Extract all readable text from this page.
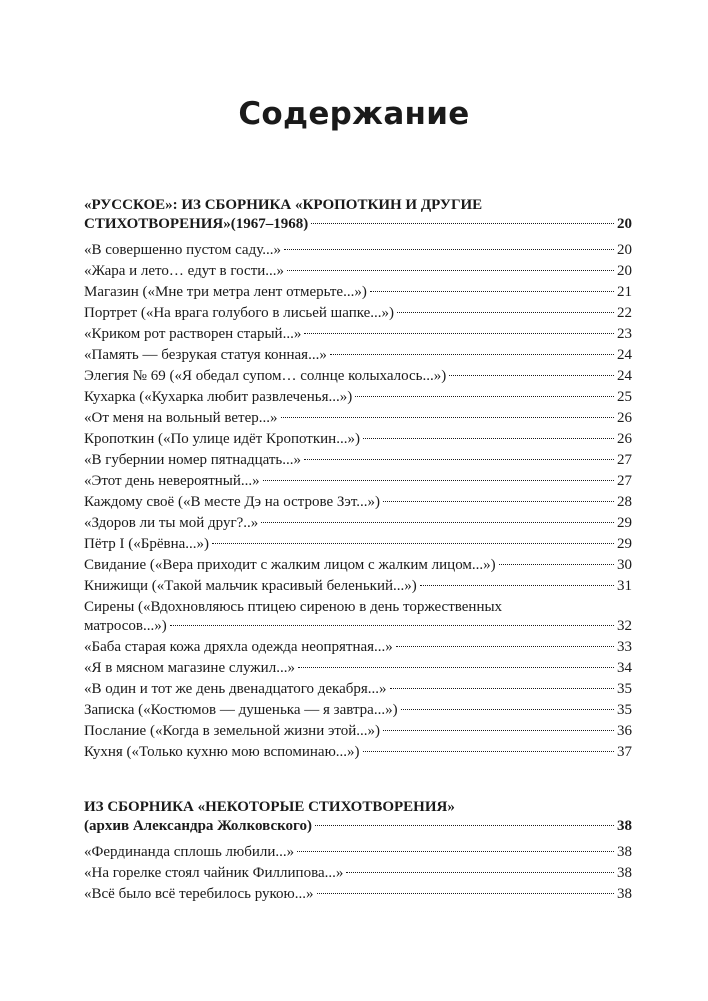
Содержание
«РУССКОЕ»: ИЗ СБОРНИКА «КРОПОТКИН И ДРУГИЕ
СТИХОТВОРЕНИЯ»(1967–1968)	20
«В совершенно пустом саду...»	20
«Жара и лето… едут в гости...»	20
Магазин («Мне три метра лент отмерьте...»)	21
Портрет («На врага голубого в лисьей шапке...»)	22
«Криком рот растворен старый...»	23
«Память — безрукая статуя конная...»	24
Элегия № 69 («Я обедал супом… солнце колыхалось...»)	24
Кухарка («Кухарка любит развлеченья...»)	25
«От меня на вольный ветер...»	26
Кропоткин («По улице идёт Кропоткин...»)	26
«В губернии номер пятнадцать...»	27
«Этот день невероятный...»	27
Каждому своё («В месте Дэ на острове Зэт...»)	28
«Здоров ли ты мой друг?..»	29
Пётр I («Брёвна...»)	29
Свидание («Вера приходит с жалким лицом с жалким лицом...»)	30
Книжищи («Такой мальчик красивый беленький...»)	31
Сирены («Вдохновляюсь птицею сиреною в день торжественных
матросов...»)	32
«Баба старая кожа дряхла одежда неопрятная...»	33
«Я в мясном магазине служил...»	34
«В один и тот же день двенадцатого декабря...»	35
Записка («Костюмов — душенька — я завтра...»)	35
Послание («Когда в земельной жизни этой...»)	36
Кухня («Только кухню мою вспоминаю...»)	37
ИЗ СБОРНИКА «НЕКОТОРЫЕ СТИХОТВОРЕНИЯ»
(архив Александра Жолковского)	38
«Фердинанда сплошь любили...»	38
«На горелке стоял чайник Филлипова...»	38
«Всё было всё теребилось рукою...»	38
